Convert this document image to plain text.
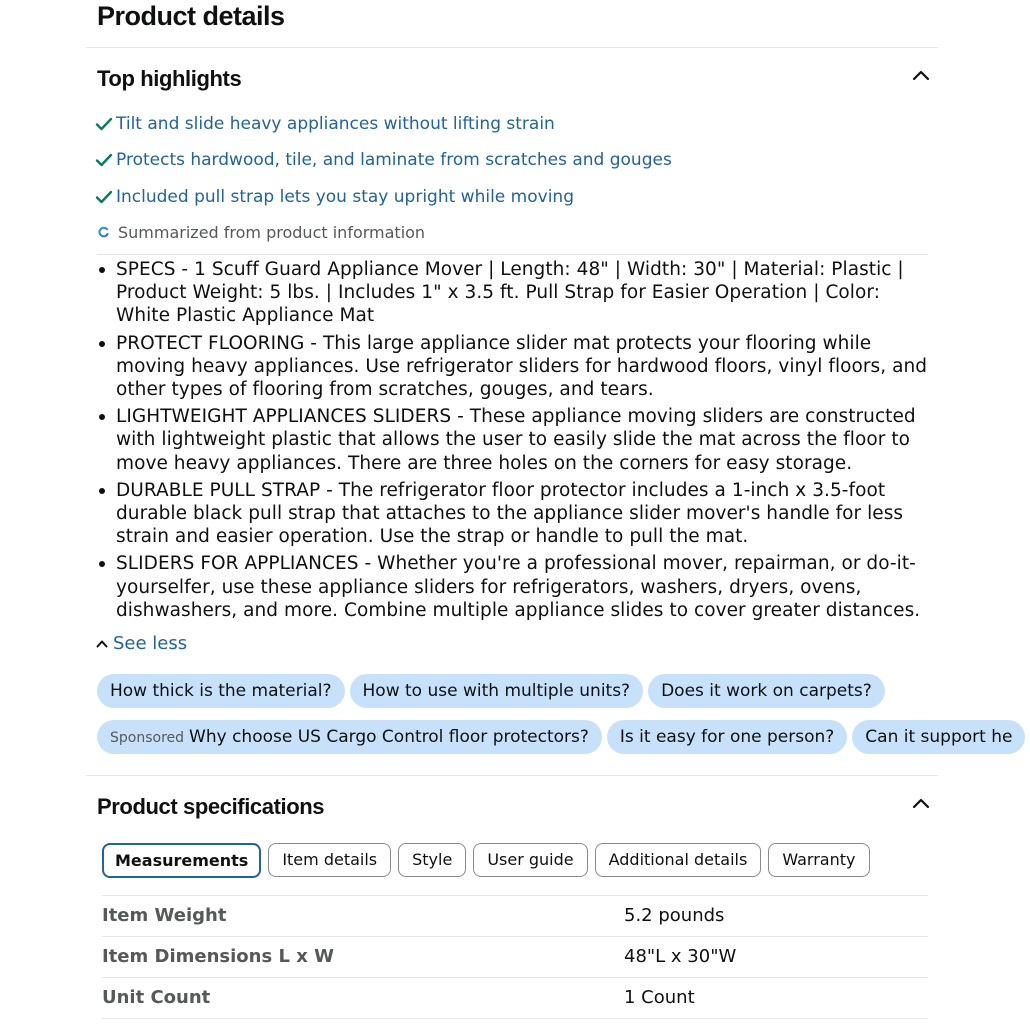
Product details
Top highlights
Tilt and slide heavy appliances without lifting strain
Protects hardwood, tile, and laminate from scratches and gouges
Included pull strap lets you stay upright while moving
Summarized from product information
SPECS - 1 Scuff Guard Appliance Mover | Length: 48" | Width: 30" | Material: Plastic | Product Weight: 5 lbs. | Includes 1" x 3.5 ft. Pull Strap for Easier Operation | Color: White Plastic Appliance Mat
PROTECT FLOORING - This large appliance slider mat protects your flooring while moving heavy appliances. Use refrigerator sliders for hardwood floors, vinyl floors, and other types of flooring from scratches, gouges, and tears.
LIGHTWEIGHT APPLIANCES SLIDERS - These appliance moving sliders are constructed with lightweight plastic that allows the user to easily slide the mat across the floor to move heavy appliances. There are three holes on the corners for easy storage.
DURABLE PULL STRAP - The refrigerator floor protector includes a 1-inch x 3.5-foot durable black pull strap that attaches to the appliance slider mover's handle for less strain and easier operation. Use the strap or handle to pull the mat.
SLIDERS FOR APPLIANCES - Whether you're a professional mover, repairman, or do-it-yourselfer, use these appliance sliders for refrigerators, washers, dryers, ovens, dishwashers, and more. Combine multiple appliance slides to cover greater distances.
See less
How thick is the material? How to use with multiple units? Does it work on carpets?
Sponsored Why choose US Cargo Control floor protectors? Is it easy for one person? Can it support he
Product specifications
Measurements Item details Style User guide Additional details Warranty
Item Weight	5.2 pounds
Item Dimensions L x W	48"L x 30"W
Unit Count	1 Count
